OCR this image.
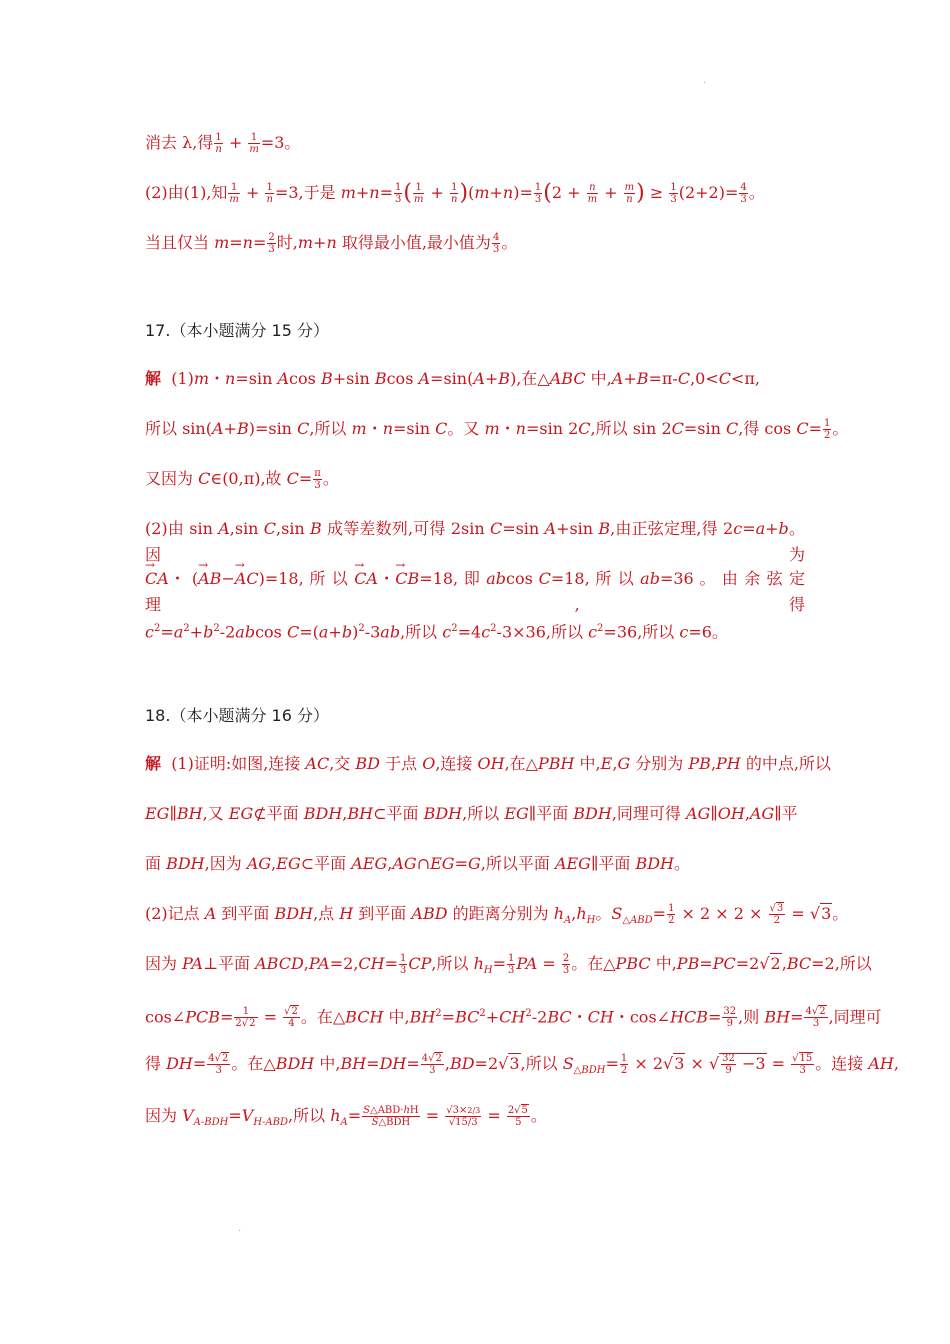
·
消去 λ,得 $\frac{1}{n} + \frac{1}{m} =3$。
(2)由(1),知 $\frac{1}{m} + \frac{1}{n} =3$,于是 $m+n= \frac{1}{3}$ ( $\frac{1}{m} + \frac{1}{n} )(m+n)= \frac{1}{3} (2 + \frac{n}{m} + \frac{m}{n}$ ) ≥ $\frac{1}{3} (2+2)= \frac{4}{3}$ 。
当且仅当 $m=n= \frac{2}{3}$ 时,m+n 取得最小值,最小值为 $\frac{4}{3}$ 。
17.（本小题满分 15 分）
解  (1)m・n=sin Acos B+sin Bcos A=sin(A+B),在△ABC 中,A+B=π-C,0<C<π,
所以 sin(A+B)=sin C,所以 m・n=sin C。又 m・n=sin 2C,所以 sin 2C=sin C,得 $\cos C= \frac{1}{2}$ 。
又因为 C∈(0,π),故 $C= \frac{\pi}{3}$ 。
(2)由 sin A,sin C,sin B 成等差数列,可得 2sin C=sin A+sin B,由正弦定理,得 2c=a+b。因为
→ CA・ (→ AB−→ AC)=18, 所 以 → CA・→ CB=18, 即 abcos C=18, 所 以 ab=36 。 由 余 弦 定 理 , 得
$c^2=a^2+b^2-2abcos$ $C=(a+b)^2-3ab$,所以 $c^2=4c^2-3\times 36$,所以 $c^2=36$,所以 c=6。
18.（本小题满分 16 分）
解  (1)证明:如图,连接 AC,交 BD 于点 O,连接 OH,在△PBH 中,E,G 分别为 PB,PH 的中点,所以
EG∥BH,又 EG⊄平面 BDH,BH⊂平面 BDH,所以 EG∥平面 BDH,同理可得 AG∥OH,AG∥平
面 BDH,因为 AG,EG⊂平面 AEG,AG∩EG=G,所以平面 AEG∥平面 BDH。
(2)记点 A 到平面 BDH,点 H 到平面 ABD 的距离分别为 $h_A,h_H$。$S_{\triangle ABD}= \frac{1}{2} \times 2 \times 2 \times \frac{√3}{2} = √3$。
因为 PA⊥平面 ABCD,PA=2,CH= $\frac{1}{3}$ CP,所以 $h_H= \frac{1}{3}$ PA = $\frac{2}{3}$ 。在△PBC 中,PB=PC=2√2,BC=2,所以
cos∠PCB= $\frac{1}{2√2} = \frac{√2}{4}$ 。在△BCH 中$,BH^2=BC^2+CH^2-2BC$・CH・cos∠HCB= $\frac{32}{9}$ ,则 $BH= \frac{4√2}{3}$ ,同理可
得 $DH= \frac{4√2}{3}$ 。在△BDH 中$,BH=DH= \frac{4√2}{3} ,BD=2√3$,所以 $S_{\triangle BDH}= \frac{1}{2} \times 2√3$ × √ $\frac{32}{9} -3 = \frac{√15}{3}$ 。连接 AH,
因为 $V_{A-BDH}=V_{H-ABD}$,所以 $h_A= \frac{\text{S△ABD·hH}}{\text{S△BDH}} = \frac{√3\times 2/3}{√15/3} = \frac{2√5}{5}$ 。
·
